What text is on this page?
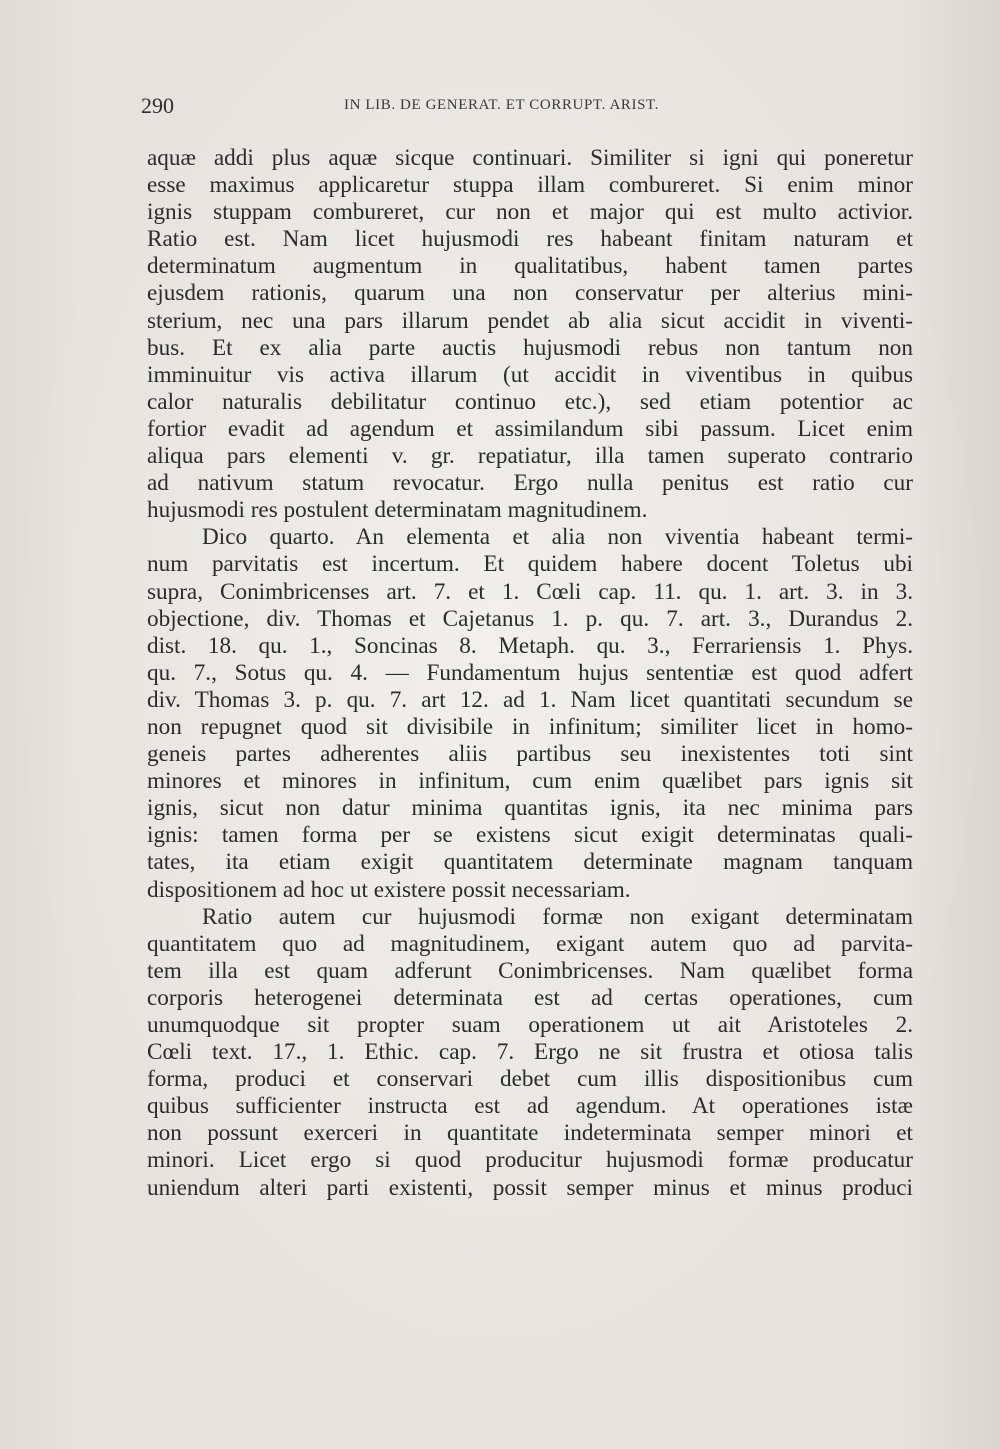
290	IN LIB. DE GENERAT. ET CORRUPT. ARIST.
aquæ addi plus aquæ sicque continuari. Similiter si igni qui poneretur
esse maximus applicaretur stuppa illam combureret. Si enim minor
ignis stuppam combureret, cur non et major qui est multo activior.
Ratio est. Nam licet hujusmodi res habeant finitam naturam et
determinatum augmentum in qualitatibus, habent tamen partes
ejusdem rationis, quarum una non conservatur per alterius mini-
sterium, nec una pars illarum pendet ab alia sicut accidit in viventi-
bus. Et ex alia parte auctis hujusmodi rebus non tantum non
imminuitur vis activa illarum (ut accidit in viventibus in quibus
calor naturalis debilitatur continuo etc.), sed etiam potentior ac
fortior evadit ad agendum et assimilandum sibi passum. Licet enim
aliqua pars elementi v. gr. repatiatur, illa tamen superato contrario
ad nativum statum revocatur. Ergo nulla penitus est ratio cur
hujusmodi res postulent determinatam magnitudinem.
Dico quarto. An elementa et alia non viventia habeant termi-
num parvitatis est incertum. Et quidem habere docent Toletus ubi
supra, Conimbricenses art. 7. et 1. Cœli cap. 11. qu. 1. art. 3. in 3.
objectione, div. Thomas et Cajetanus 1. p. qu. 7. art. 3., Durandus 2.
dist. 18. qu. 1., Soncinas 8. Metaph. qu. 3., Ferrariensis 1. Phys.
qu. 7., Sotus qu. 4. — Fundamentum hujus sententiæ est quod adfert
div. Thomas 3. p. qu. 7. art 12. ad 1. Nam licet quantitati secundum se
non repugnet quod sit divisibile in infinitum; similiter licet in homo-
geneis partes adherentes aliis partibus seu inexistentes toti sint
minores et minores in infinitum, cum enim quælibet pars ignis sit
ignis, sicut non datur minima quantitas ignis, ita nec minima pars
ignis: tamen forma per se existens sicut exigit determinatas quali-
tates, ita etiam exigit quantitatem determinate magnam tanquam
dispositionem ad hoc ut existere possit necessariam.
Ratio autem cur hujusmodi formæ non exigant determinatam
quantitatem quo ad magnitudinem, exigant autem quo ad parvita-
tem illa est quam adferunt Conimbricenses. Nam quælibet forma
corporis heterogenei determinata est ad certas operationes, cum
unumquodque sit propter suam operationem ut ait Aristoteles 2.
Cœli text. 17., 1. Ethic. cap. 7. Ergo ne sit frustra et otiosa talis
forma, produci et conservari debet cum illis dispositionibus cum
quibus sufficienter instructa est ad agendum. At operationes istæ
non possunt exerceri in quantitate indeterminata semper minori et
minori. Licet ergo si quod producitur hujusmodi formæ producatur
uniendum alteri parti existenti, possit semper minus et minus produci
